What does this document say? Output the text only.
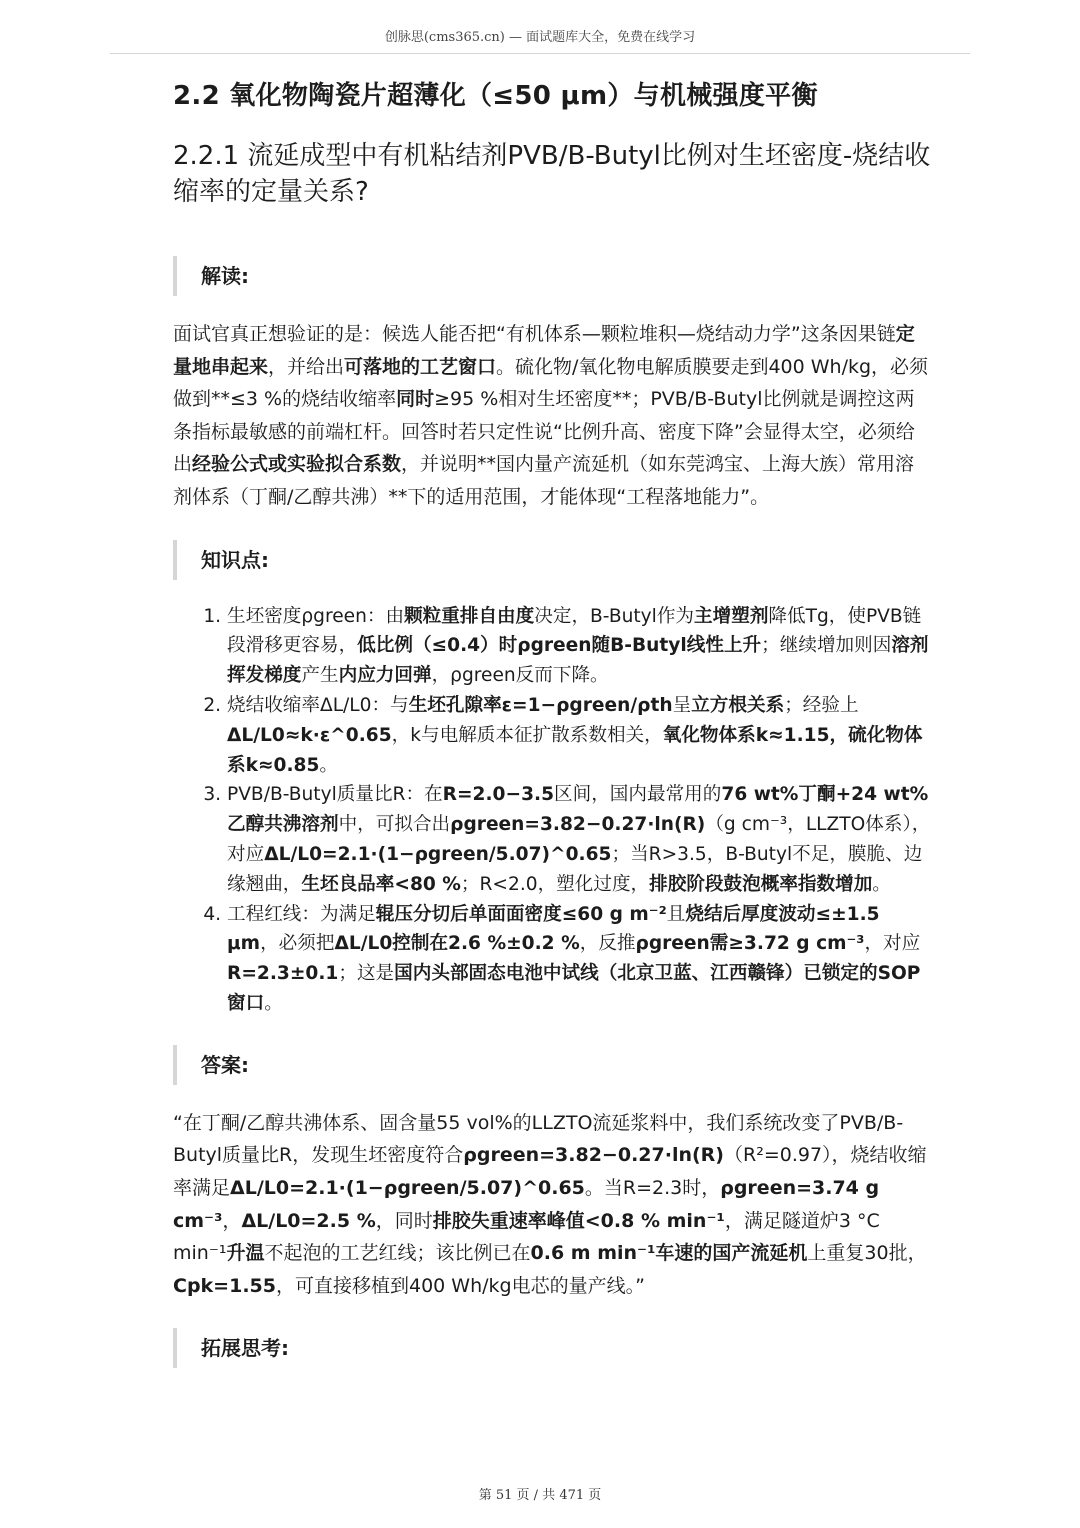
创脉思(cms365.cn) — 面试题库大全，免费在线学习
2.2 氧化物陶瓷片超薄化（≤50 μm）与机械强度平衡
2.2.1 流延成型中有机粘结剂PVB/B-Butyl比例对生坯密度-烧结收缩率的定量关系?
解读:

面试官真正想验证的是：候选人能否把“有机体系—颗粒堆积—烧结动力学”这条因果链定量地串起来，并给出可落地的工艺窗口。硫化物/氧化物电解质膜要走到400 Wh/kg，必须做到**≤3 %的烧结收缩率同时≥95 %相对生坯密度**；PVB/B-Butyl比例就是调控这两条指标最敏感的前端杠杆。回答时若只定性说“比例升高、密度下降”会显得太空，必须给出经验公式或实验拟合系数，并说明**国内量产流延机（如东莞鸿宝、上海大族）常用溶剂体系（丁酮/乙醇共沸）**下的适用范围，才能体现“工程落地能力”。

知识点:
1. 生坯密度ρgreen：由颗粒重排自由度决定，B-Butyl作为主增塑剂降低Tg，使PVB链段滑移更容易，低比例（≤0.4）时ρgreen随B-Butyl线性上升；继续增加则因溶剂挥发梯度产生内应力回弹，ρgreen反而下降。
2. 烧结收缩率ΔL/L0：与生坯孔隙率ε=1−ρgreen/ρth呈立方根关系；经验上ΔL/L0≈k·ε^0.65，k与电解质本征扩散系数相关，氧化物体系k≈1.15，硫化物体系k≈0.85。
3. PVB/B-Butyl质量比R：在R=2.0−3.5区间，国内最常用的76 wt%丁酮+24 wt%乙醇共沸溶剂中，可拟合出ρgreen=3.82−0.27·ln(R)（g cm⁻³，LLZTO体系），对应ΔL/L0=2.1·(1−ρgreen/5.07)^0.65；当R>3.5，B-Butyl不足，膜脆、边缘翘曲，生坯良品率<80 %；R<2.0，塑化过度，排胶阶段鼓泡概率指数增加。
4. 工程红线：为满足辊压分切后单面面密度≤60 g m⁻²且烧结后厚度波动≤±1.5 μm，必须把ΔL/L0控制在2.6 %±0.2 %，反推ρgreen需≥3.72 g cm⁻³，对应R=2.3±0.1；这是国内头部固态电池中试线（北京卫蓝、江西赣锋）已锁定的SOP窗口。
答案:

“在丁酮/乙醇共沸体系、固含量55 vol%的LLZTO流延浆料中，我们系统改变了PVB/B-Butyl质量比R，发现生坯密度符合ρgreen=3.82−0.27·ln(R)（R²=0.97），烧结收缩率满足ΔL/L0=2.1·(1−ρgreen/5.07)^0.65。当R=2.3时，ρgreen=3.74 g cm⁻³，ΔL/L0=2.5 %，同时排胶失重速率峰值<0.8 % min⁻¹，满足隧道炉3 °C min⁻¹升温不起泡的工艺红线；该比例已在0.6 m min⁻¹车速的国产流延机上重复30批，Cpk=1.55，可直接移植到400 Wh/kg电芯的量产线。”

拓展思考:
第 51 页 / 共 471 页
